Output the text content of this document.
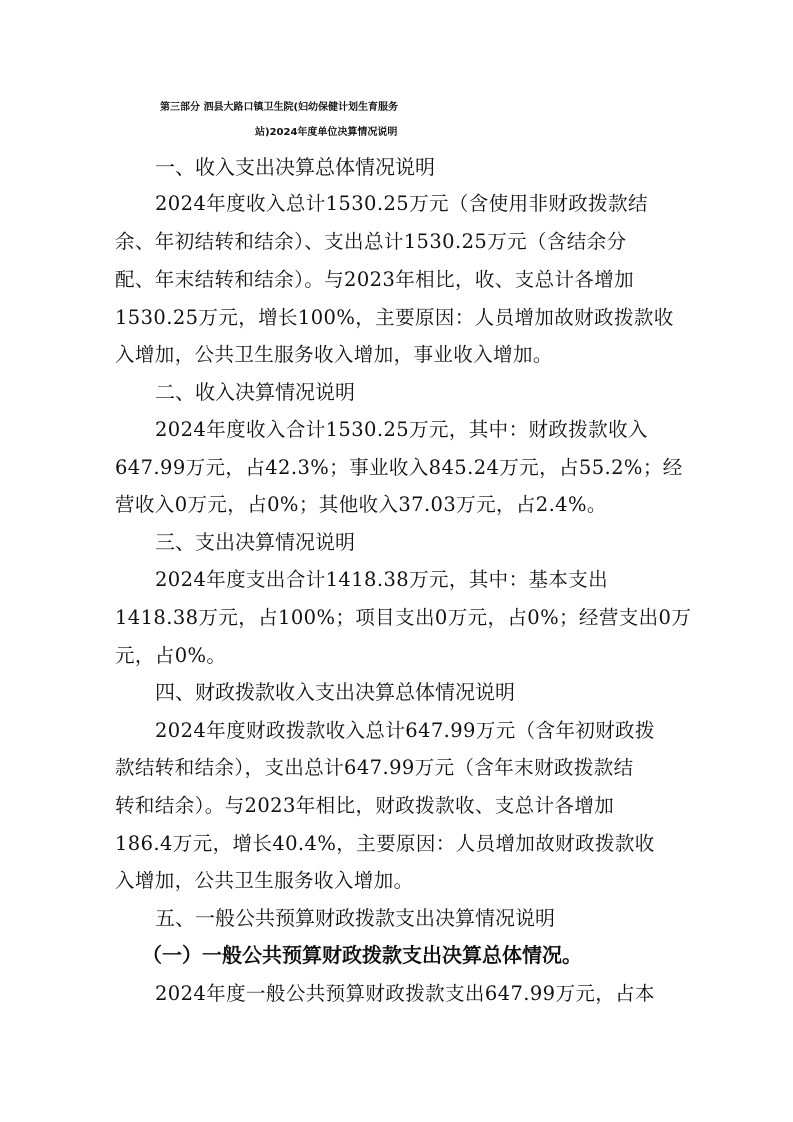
第三部分 泗县大路口镇卫生院(妇幼保健计划生育服务
站)2024年度单位决算情况说明
一、收入支出决算总体情况说明
2024年度收入总计1530.25万元（含使用非财政拨款结
余、年初结转和结余）、支出总计1530.25万元（含结余分
配、年末结转和结余）。与2023年相比，收、支总计各增加
1530.25万元，增长100%，主要原因：人员增加故财政拨款收
入增加，公共卫生服务收入增加，事业收入增加。
二、收入决算情况说明
2024年度收入合计1530.25万元，其中：财政拨款收入
647.99万元，占42.3%；事业收入845.24万元，占55.2%；经
营收入0万元，占0%；其他收入37.03万元，占2.4%。
三、支出决算情况说明
2024年度支出合计1418.38万元，其中：基本支出
1418.38万元，占100%；项目支出0万元，占0%；经营支出0万
元，占0%。
四、财政拨款收入支出决算总体情况说明
2024年度财政拨款收入总计647.99万元（含年初财政拨
款结转和结余），支出总计647.99万元（含年末财政拨款结
转和结余）。与2023年相比，财政拨款收、支总计各增加
186.4万元，增长40.4%，主要原因：人员增加故财政拨款收
入增加，公共卫生服务收入增加。
五、一般公共预算财政拨款支出决算情况说明
（一）一般公共预算财政拨款支出决算总体情况。
2024年度一般公共预算财政拨款支出647.99万元，占本
